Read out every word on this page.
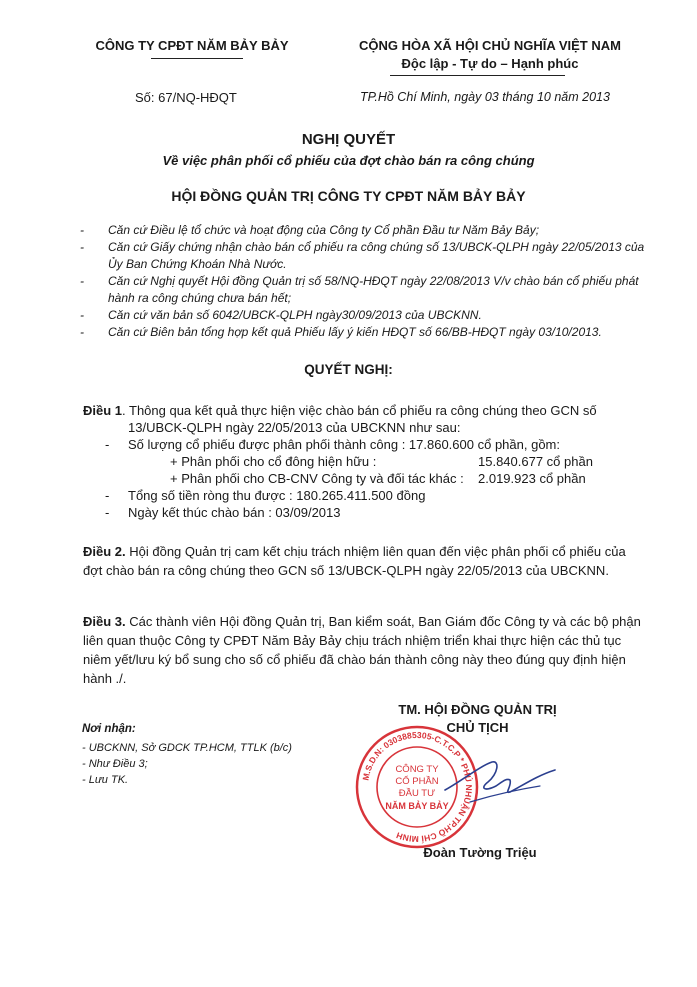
CÔNG TY CPĐT NĂM BẢY BẢY	CỘNG HÒA XÃ HỘI CHỦ NGHĨA VIỆT NAM
Độc lập - Tự do – Hạnh phúc
Số: 67/NQ-HĐQT	TP.Hồ Chí Minh, ngày 03 tháng 10 năm 2013
NGHỊ QUYẾT
Về việc phân phối cổ phiếu của đợt chào bán ra công chúng
HỘI ĐỒNG QUẢN TRỊ CÔNG TY CPĐT NĂM BẢY BẢY
- Căn cứ Điều lệ tổ chức và hoạt động của Công ty Cổ phần Đầu tư Năm Bảy Bảy;
- Căn cứ Giấy chứng nhận chào bán cổ phiếu ra công chúng số 13/UBCK-QLPH ngày 22/05/2013 của Ủy Ban Chứng Khoán Nhà Nước.
- Căn cứ Nghị quyết Hội đồng Quản trị số 58/NQ-HĐQT ngày 22/08/2013 V/v chào bán cổ phiếu phát hành ra công chúng chưa bán hết;
- Căn cứ văn bản số 6042/UBCK-QLPH ngày30/09/2013 của UBCKNN.
- Căn cứ Biên bản tổng hợp kết quả Phiếu lấy ý kiến HĐQT số 66/BB-HĐQT ngày 03/10/2013.
QUYẾT NGHỊ:
Điều 1. Thông qua kết quả thực hiện việc chào bán cổ phiếu ra công chúng theo GCN số
13/UBCK-QLPH ngày 22/05/2013 của UBCKNN như sau:
- Số lượng cổ phiếu được phân phối thành công : 17.860.600 cổ phần, gồm:
+ Phân phối cho cổ đông hiện hữu :	15.840.677 cổ phần
+ Phân phối cho CB-CNV Công ty và đối tác khác : 2.019.923 cổ phần
- Tổng số tiền ròng thu được : 180.265.411.500 đồng
- Ngày kết thúc chào bán : 03/09/2013
Điều 2. Hội đồng Quản trị cam kết chịu trách nhiệm liên quan đến việc phân phối cổ phiếu của đợt chào bán ra công chúng theo GCN số 13/UBCK-QLPH ngày 22/05/2013 của UBCKNN.
Điều 3. Các thành viên Hội đồng Quản trị, Ban kiểm soát, Ban Giám đốc Công ty và các bộ phận liên quan thuộc Công ty CPĐT Năm Bảy Bảy chịu trách nhiệm triển khai thực hiện các thủ tục niêm yết/lưu ký bổ sung cho số cổ phiếu đã chào bán thành công này theo đúng quy định hiện hành ./.
Nơi nhận:
- UBCKNN, Sở GDCK TP.HCM, TTLK (b/c)
- Như Điều 3;
- Lưu TK.
TM. HỘI ĐỒNG QUẢN TRỊ
CHỦ TỊCH
M.S.D.N: 0303885305-C.T.C.P * PHÚ NHUẬN TP.HỒ CHÍ MINH
CÔNG TY
CỔ PHẦN
ĐẦU TƯ
NĂM BẢY BẢY
Đoàn Tường Triệu
